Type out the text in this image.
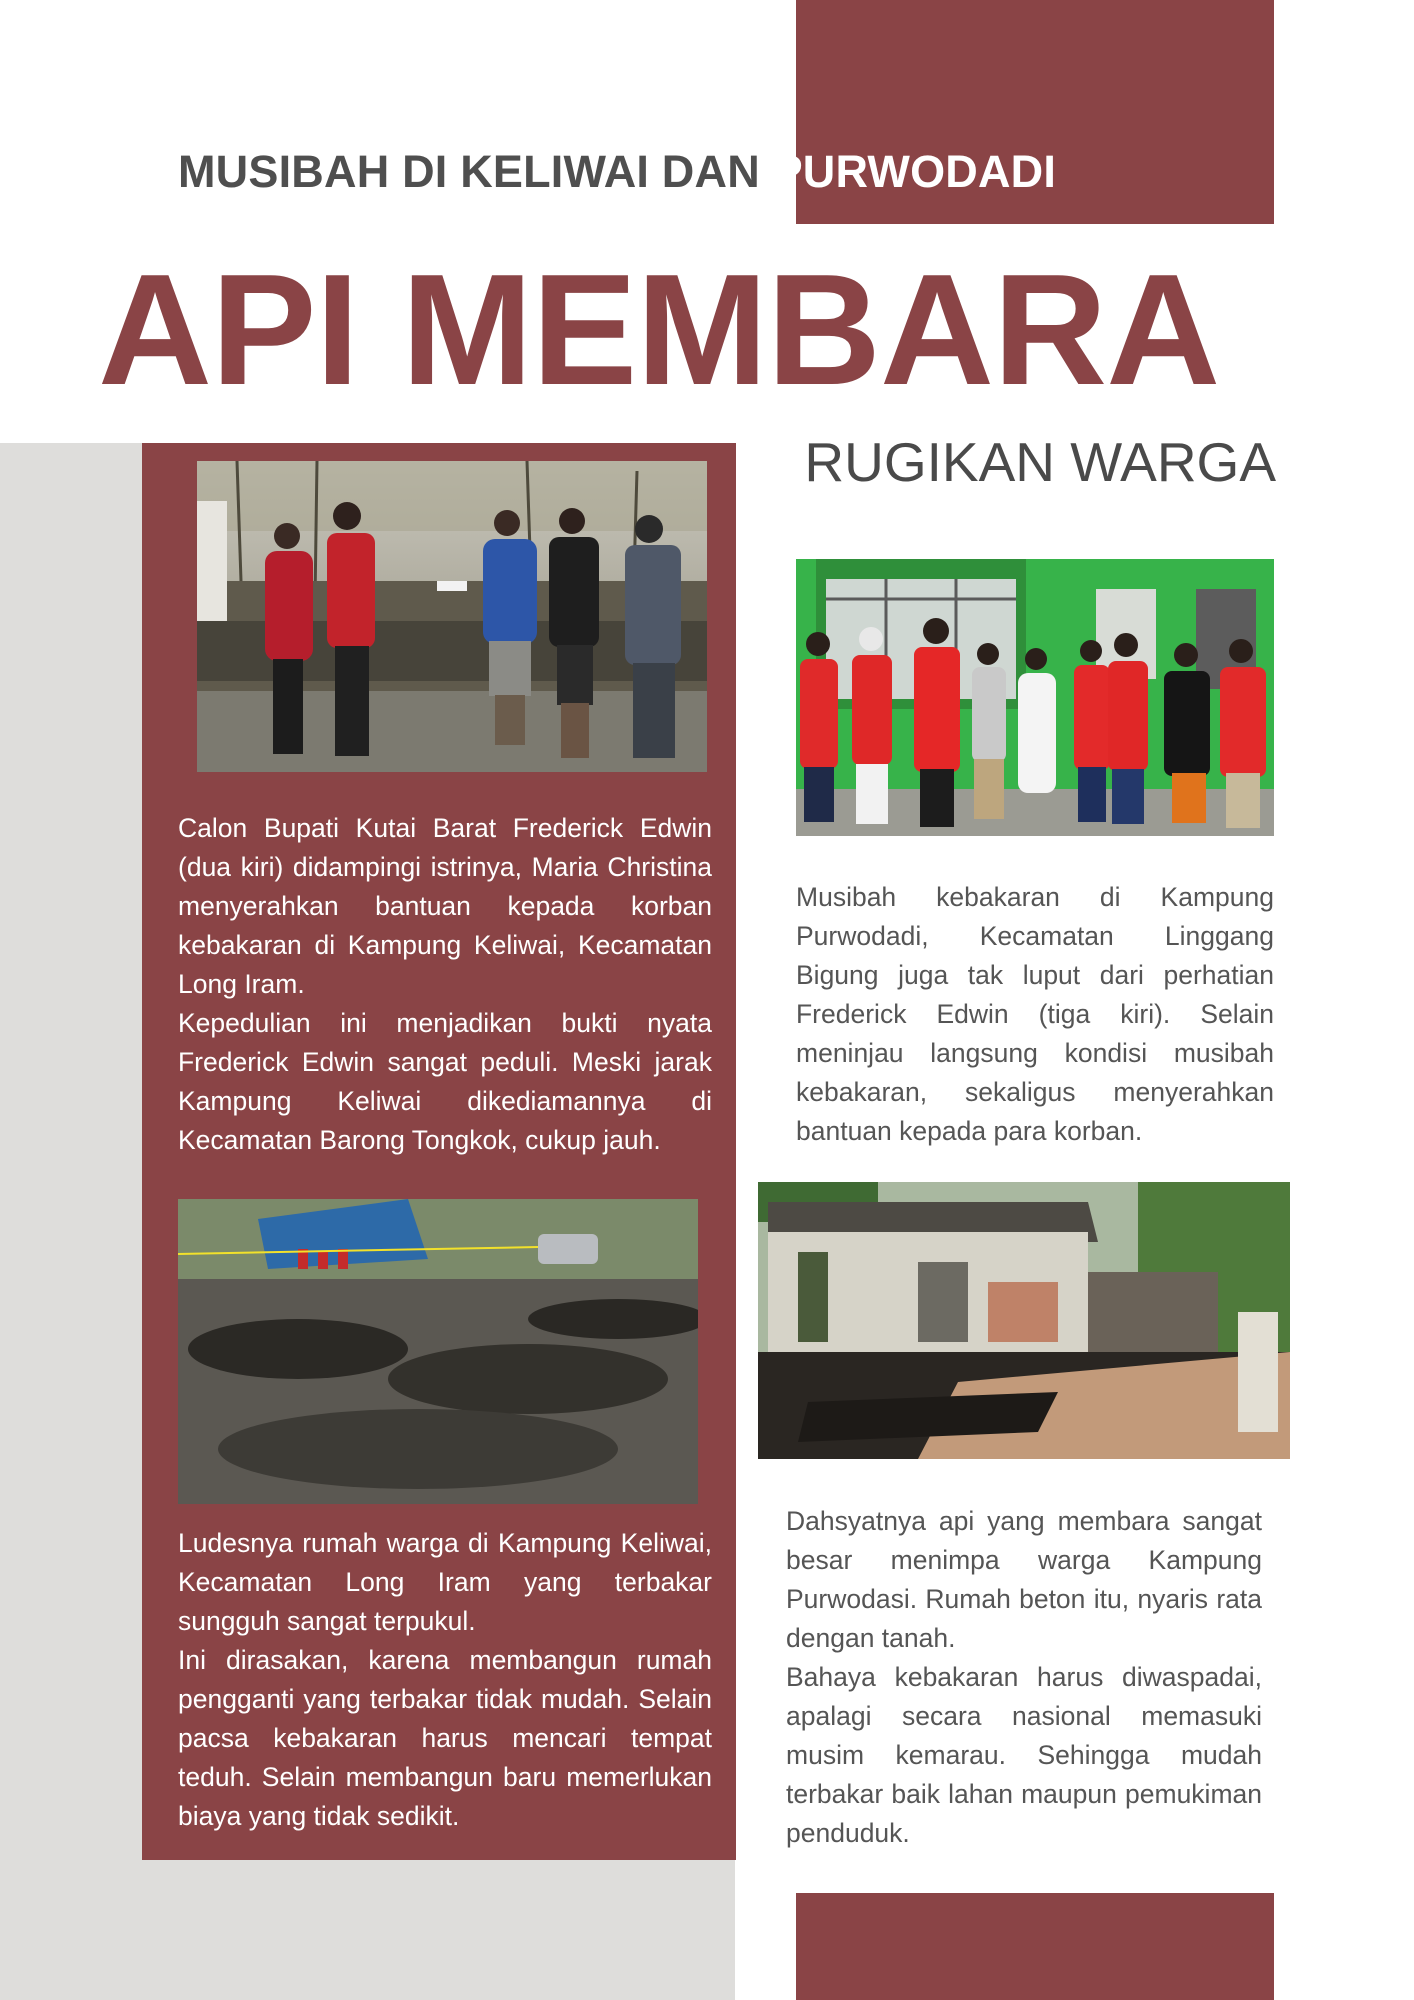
MUSIBAH DI KELIWAI DAN PURWODADI
API MEMBARA
RUGIKAN WARGA

Calon Bupati Kutai Barat Frederick Edwin (dua kiri) didampingi istrinya, Maria Christina menyerahkan bantuan kepada korban kebakaran di Kampung Keliwai, Kecamatan Long Iram.

Kepedulian ini menjadikan bukti nyata Frederick Edwin sangat peduli. Meski jarak Kampung Keliwai dikediamannya di Kecamatan Barong Tongkok, cukup jauh.

Musibah kebakaran di Kampung Purwodadi, Kecamatan Linggang Bigung juga tak luput dari perhatian Frederick Edwin (tiga kiri). Selain meninjau langsung kondisi musibah kebakaran, sekaligus menyerahkan bantuan kepada para korban.

Ludesnya rumah warga di Kampung Keliwai, Kecamatan Long Iram yang terbakar sungguh sangat terpukul.

Ini dirasakan, karena membangun rumah pengganti yang terbakar tidak mudah. Selain pacsa kebakaran harus mencari tempat teduh. Selain membangun baru memerlukan biaya yang tidak sedikit.

Dahsyatnya api yang membara sangat besar menimpa warga Kampung Purwodasi. Rumah beton itu, nyaris rata dengan tanah.

Bahaya kebakaran harus diwaspadai, apalagi secara nasional memasuki musim kemarau. Sehingga mudah terbakar baik lahan maupun pemukiman penduduk.
